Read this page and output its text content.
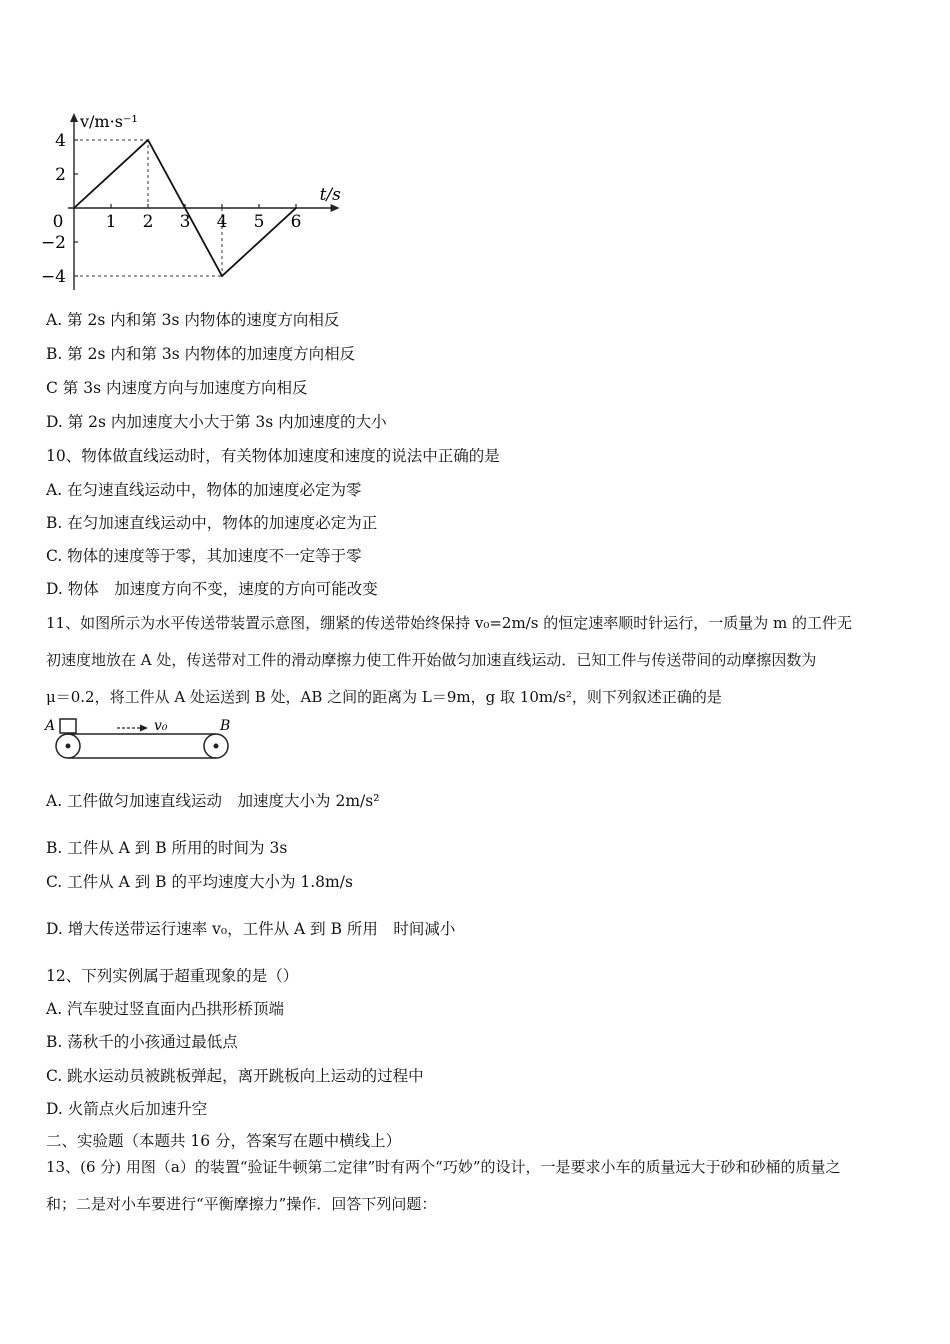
1 2 3 4 5 6
4
2
−2
−4
0
v/m·s⁻¹
t/s
A. 第 2s 内和第 3s 内物体的速度方向相反
B. 第 2s 内和第 3s 内物体的加速度方向相反
C 第 3s 内速度方向与加速度方向相反
D. 第 2s 内加速度大小大于第 3s 内加速度的大小
10、物体做直线运动时，有关物体加速度和速度的说法中正确的是
A. 在匀速直线运动中，物体的加速度必定为零
B. 在匀加速直线运动中，物体的加速度必定为正
C. 物体的速度等于零，其加速度不一定等于零
D. 物体　加速度方向不变，速度的方向可能改变
11、如图所示为水平传送带装置示意图，绷紧的传送带始终保持 v₀=2m/s 的恒定速率顺时针运行，一质量为 m 的工件无
初速度地放在 A 处，传送带对工件的滑动摩擦力使工件开始做匀加速直线运动．已知工件与传送带间的动摩擦因数为
μ＝0.2，将工件从 A 处运送到 B 处，AB 之间的距离为 L＝9m，g 取 10m/s²，则下列叙述正确的是
A	v₀	B
A. 工件做匀加速直线运动　加速度大小为 2m/s²
B. 工件从 A 到 B 所用的时间为 3s
C. 工件从 A 到 B 的平均速度大小为 1.8m/s
D. 增大传送带运行速率 v₀，工件从 A 到 B 所用　时间减小
12、下列实例属于超重现象的是（）
A. 汽车驶过竖直面内凸拱形桥顶端
B. 荡秋千的小孩通过最低点
C. 跳水运动员被跳板弹起，离开跳板向上运动的过程中
D. 火箭点火后加速升空
二、实验题（本题共 16 分，答案写在题中横线上）
13、(6 分) 用图（a）的装置“验证牛顿第二定律”时有两个“巧妙”的设计，一是要求小车的质量远大于砂和砂桶的质量之
和；二是对小车要进行“平衡摩擦力”操作．回答下列问题：
